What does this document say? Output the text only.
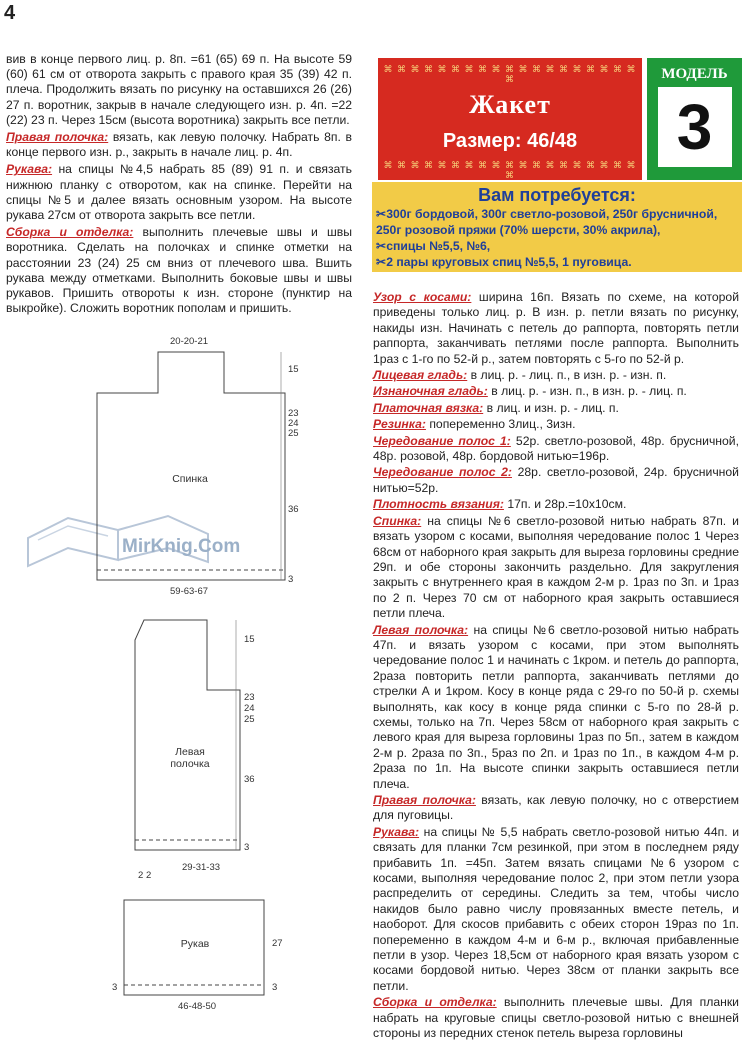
4

вив в конце первого лиц. р. 8п. =61 (65) 69 п. На высоте 59 (60) 61 см от отворота закрыть с правого края 35 (39) 42 п. плеча. Продолжить вязать по рисунку на оставшихся 26 (26) 27 п. воротник, закрыв в начале следующего изн. р. 4п. =22 (22) 23 п. Через 15см (высота воротника) закрыть все петли.

Правая полочка: вязать, как левую полочку. Набрать 8п. в конце первого изн. р., закрыть в начале лиц. р. 4п.

Рукава: на спицы №4,5 набрать 85 (89) 91 п. и связать нижнюю планку с отворотом, как на спинке. Перейти на спицы №5 и далее вязать основным узором. На высоте рукава 27см от отворота закрыть все петли.

Сборка и отделка: выполнить плечевые швы и швы воротника. Сделать на полочках и спинке отметки на расстоянии 23 (24) 25 см вниз от плечевого шва. Вшить рукава между отметками. Выполнить боковые швы и швы рукавов. Пришить отвороты к изн. стороне (пунктир на выкройке). Сложить воротник пополам и пришить.

⌘ ⌘ ⌘ ⌘ ⌘ ⌘ ⌘ ⌘ ⌘ ⌘ ⌘ ⌘ ⌘ ⌘ ⌘ ⌘ ⌘ ⌘ ⌘ ⌘
Жакет
Размер: 46/48
⌘ ⌘ ⌘ ⌘ ⌘ ⌘ ⌘ ⌘ ⌘ ⌘ ⌘ ⌘ ⌘ ⌘ ⌘ ⌘ ⌘ ⌘ ⌘ ⌘
МОДЕЛЬ
3
Вам потребуется:
✂300г бордовой, 300г светло-розовой, 250г брусничной, 250г розовой пряжи (70% шерсти, 30% акрила),
✂спицы №5,5, №6,
✂2 пары круговых спиц №5,5, 1 пуговица.

Узор с косами: ширина 16п. Вязать по схеме, на которой приведены только лиц. р. В изн. р. петли вязать по рисунку, накиды изн. Начинать с петель до раппорта, повторять петли раппорта, заканчивать петлями после раппорта. Выполнить 1раз с 1-го по 52-й р., затем повторять с 5-го по 52-й р.

Лицевая гладь: в лиц. р. - лиц. п., в изн. р. - изн. п.

Изнаночная гладь: в лиц. р. - изн. п., в изн. р. - лиц. п.

Платочная вязка: в лиц. и изн. р. - лиц. п.

Резинка: попеременно 3лиц., 3изн.

Чередование полос 1: 52р. светло-розовой, 48р. брусничной, 48р. розовой, 48р. бордовой нитью=196р.

Чередование полос 2: 28р. светло-розовой, 24р. брусничной нитью=52р.

Плотность вязания: 17п. и 28р.=10х10см.

Спинка: на спицы №6 светло-розовой нитью набрать 87п. и вязать узором с косами, выполняя чередование полос 1 Через 68см от наборного края закрыть для выреза горловины средние 29п. и обе стороны закончить раздельно. Для закругления закрыть с внутреннего края в каждом 2-м р. 1раз по 3п. и 1раз по 2 п. Через 70 см от наборного края закрыть оставшиеся петли плеча.

Левая полочка: на спицы №6 светло-розовой нитью набрать 47п. и вязать узором с косами, при этом выполнять чередование полос 1 и начинать с 1кром. и петель до раппорта, 2раза повторить петли раппорта, заканчивать петлями до стрелки А и 1кром. Косу в конце ряда с 29-го по 50-й р. схемы выполнять, как косу в конце ряда спинки с 5-го по 28-й р. схемы, только на 7п. Через 58см от наборного края закрыть с левого края для выреза горловины 1раз по 5п., затем в каждом 2-м р. 2раза по 3п., 5раз по 2п. и 1раз по 1п., в каждом 4-м р. 2раза по 1п. На высоте спинки закрыть оставшиеся петли плеча.

Правая полочка: вязать, как левую полочку, но с отверстием для пуговицы.

Рукава: на спицы № 5,5 набрать светло-розовой нитью 44п. и связать для планки 7см резинкой, при этом в последнем ряду прибавить 1п. =45п. Затем вязать спицами №6 узором с косами, выполняя чередование полос 2, при этом петли узора распределить от середины. Следить за тем, чтобы число накидов было равно числу провязанных вместе петель, и наоборот. Для скосов прибавить с обеих сторон 19раз по 1п. попеременно в каждом 4-м и 6-м р., включая прибавленные петли в узор. Через 18,5см от наборного края вязать узором с косами бордовой нитью. Через 38см от планки закрыть все петли.

Сборка и отделка: выполнить плечевые швы. Для планки набрать на круговые спицы светло-розовой нитью с внешней стороны из передних стенок петель выреза горловины

MirKnig.Com
20-20-21
15
23
24
25
36
3
Спинка
59-63-67
15
23
24
25
36
3
Левая
полочка
29-31-33
2 2
Рукав	27
3
3
46-48-50
